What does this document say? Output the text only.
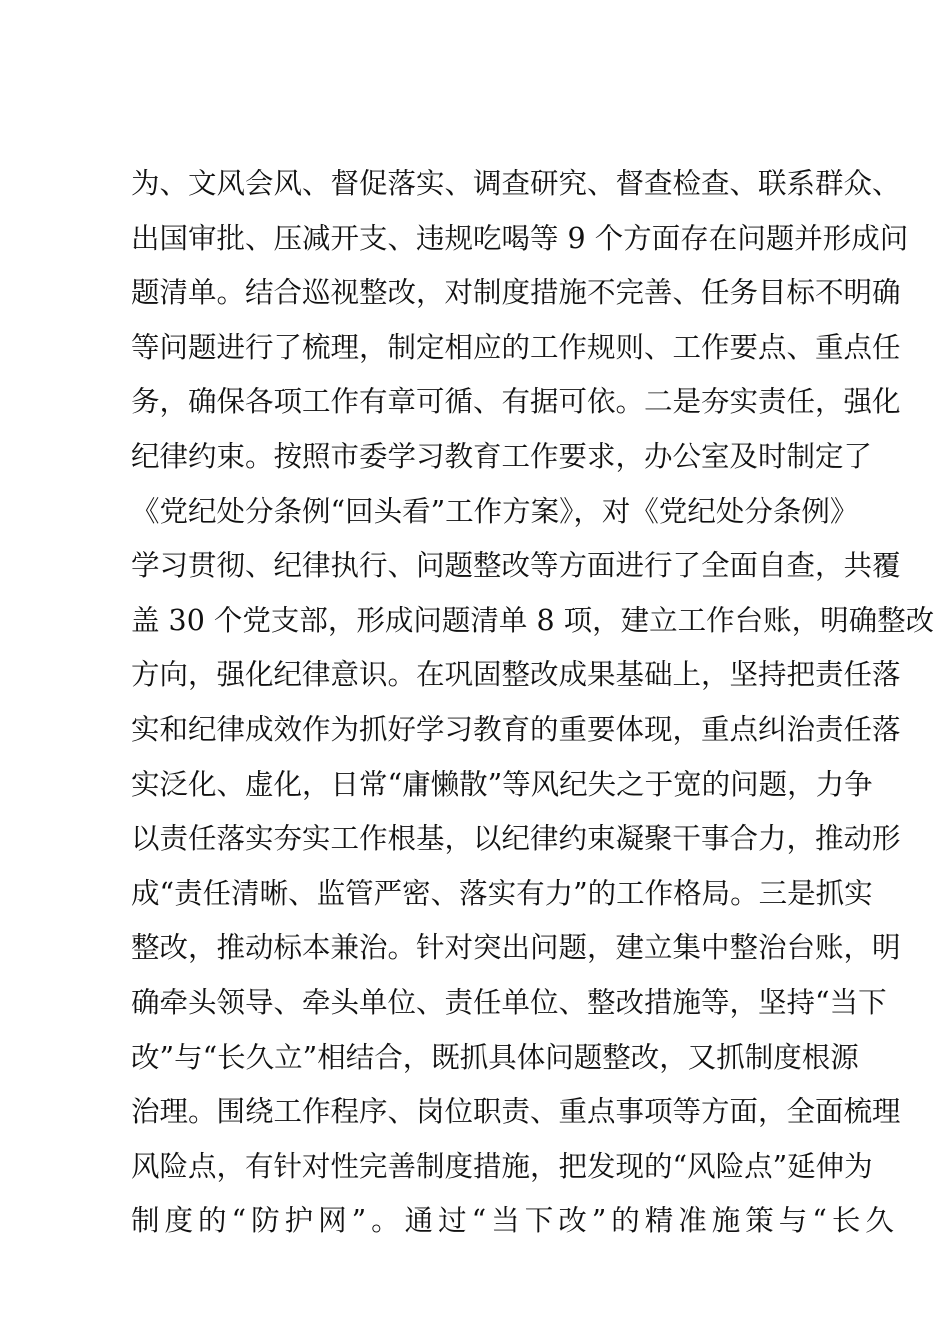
为、文风会风、督促落实、调查研究、督查检查、联系群众、
出国审批、压减开支、违规吃喝等 9 个方面存在问题并形成问
题清单。结合巡视整改，对制度措施不完善、任务目标不明确
等问题进行了梳理，制定相应的工作规则、工作要点、重点任
务，确保各项工作有章可循、有据可依。二是夯实责任，强化
纪律约束。按照市委学习教育工作要求，办公室及时制定了
《党纪处分条例“回头看”工作方案》，对《党纪处分条例》
学习贯彻、纪律执行、问题整改等方面进行了全面自查，共覆
盖 30 个党支部，形成问题清单 8 项，建立工作台账，明确整改
方向，强化纪律意识。在巩固整改成果基础上，坚持把责任落
实和纪律成效作为抓好学习教育的重要体现，重点纠治责任落
实泛化、虚化，日常“庸懒散”等风纪失之于宽的问题，力争
以责任落实夯实工作根基，以纪律约束凝聚干事合力，推动形
成“责任清晰、监管严密、落实有力”的工作格局。三是抓实
整改，推动标本兼治。针对突出问题，建立集中整治台账，明
确牵头领导、牵头单位、责任单位、整改措施等，坚持“当下
改”与“长久立”相结合，既抓具体问题整改，又抓制度根源
治理。围绕工作程序、岗位职责、重点事项等方面，全面梳理
风险点，有针对性完善制度措施，把发现的“风险点”延伸为
制度的“防护网”。通过“当下改”的精准施策与“长久
